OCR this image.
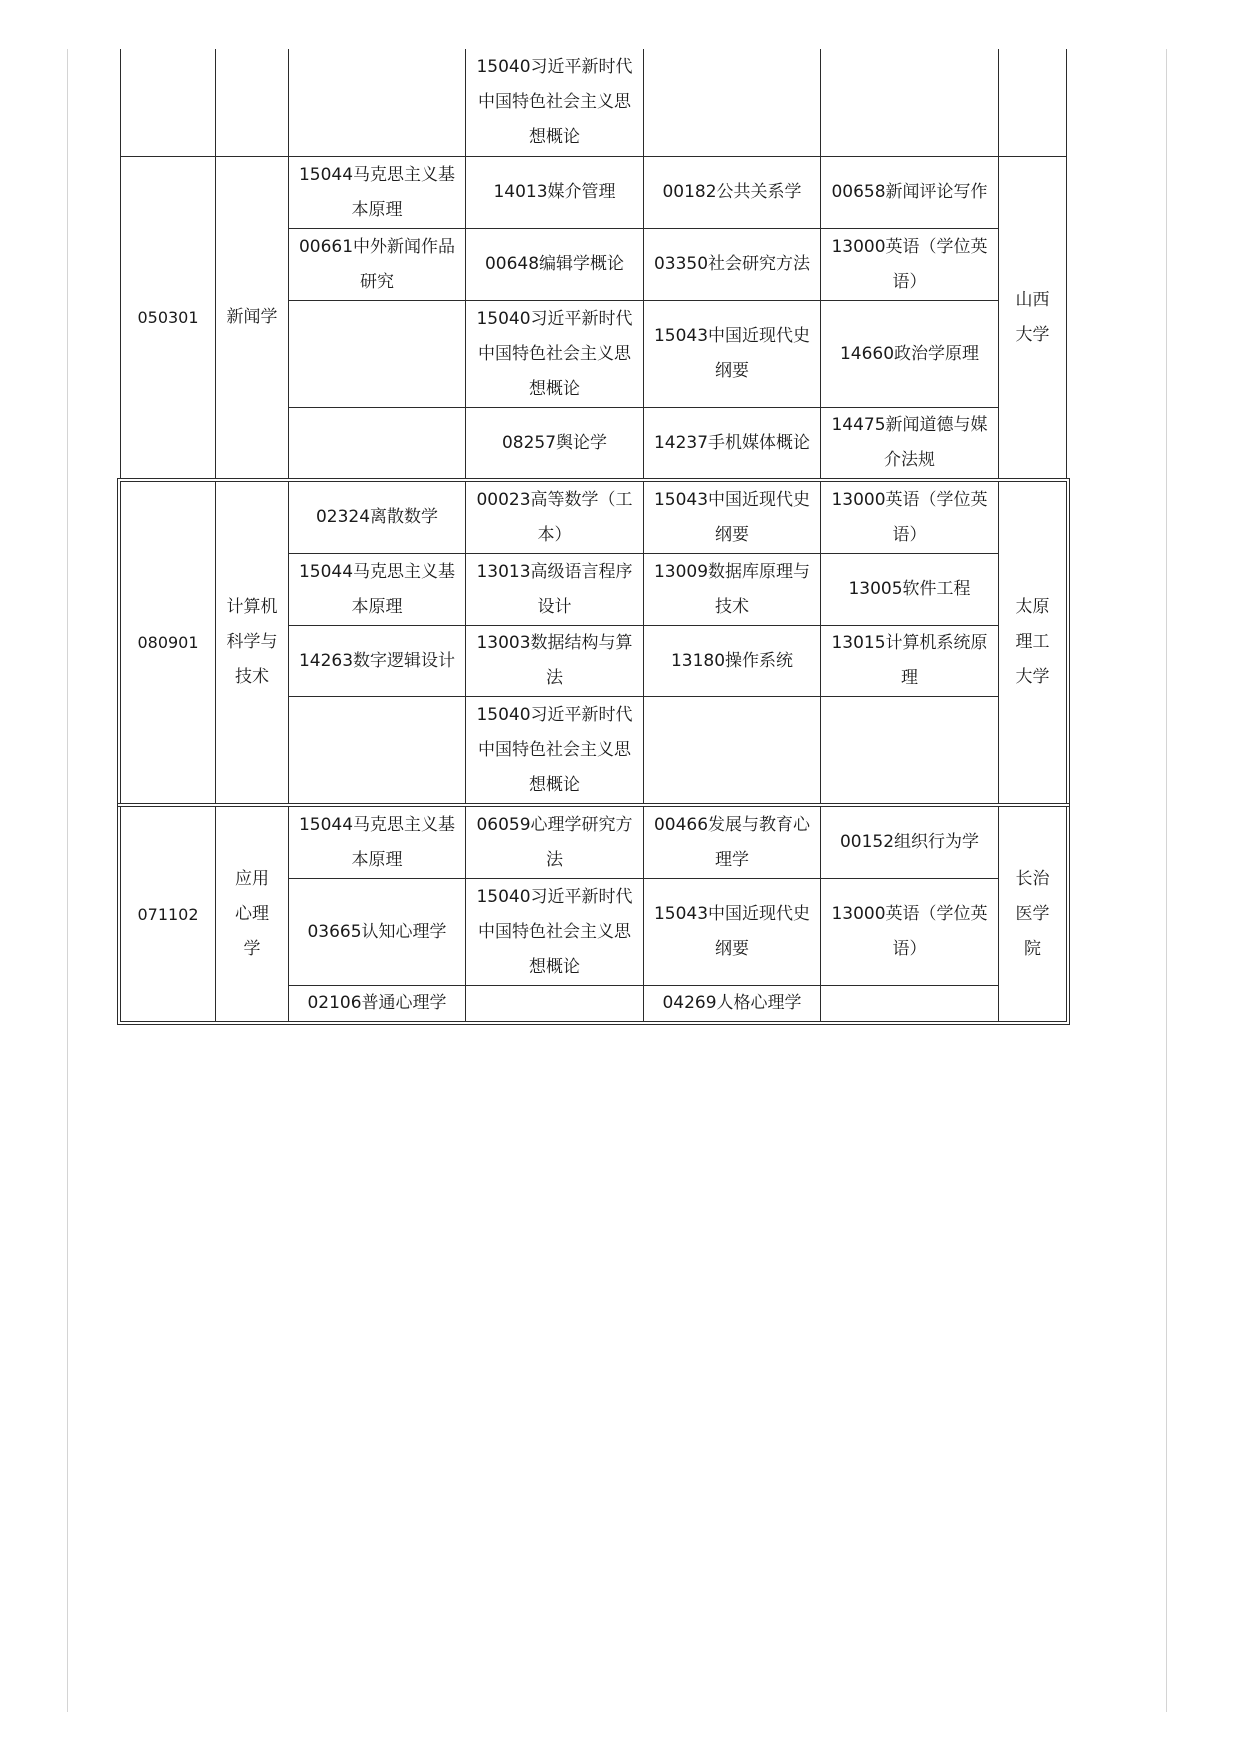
			15040习近平新时代中国特色社会主义思想概论			
050301	新闻学	15044马克思主义基本原理	14013媒介管理	00182公共关系学	00658新闻评论写作	山西大学
		00661中外新闻作品研究	00648编辑学概论	03350社会研究方法	13000英语（学位英语）	
			15040习近平新时代中国特色社会主义思想概论	15043中国近现代史纲要	14660政治学原理	
			08257舆论学	14237手机媒体概论	14475新闻道德与媒介法规	
080901	计算机科学与技术	02324离散数学	00023高等数学（工本）	15043中国近现代史纲要	13000英语（学位英语）	太原理工大学
		15044马克思主义基本原理	13013高级语言程序设计	13009数据库原理与技术	13005软件工程	
		14263数字逻辑设计	13003数据结构与算法	13180操作系统	13015计算机系统原理	
			15040习近平新时代中国特色社会主义思想概论			
071102	应用心理学	15044马克思主义基本原理	06059心理学研究方法	00466发展与教育心理学	00152组织行为学	长治医学院
		03665认知心理学	15040习近平新时代中国特色社会主义思想概论	15043中国近现代史纲要	13000英语（学位英语）	
		02106普通心理学		04269人格心理学		
